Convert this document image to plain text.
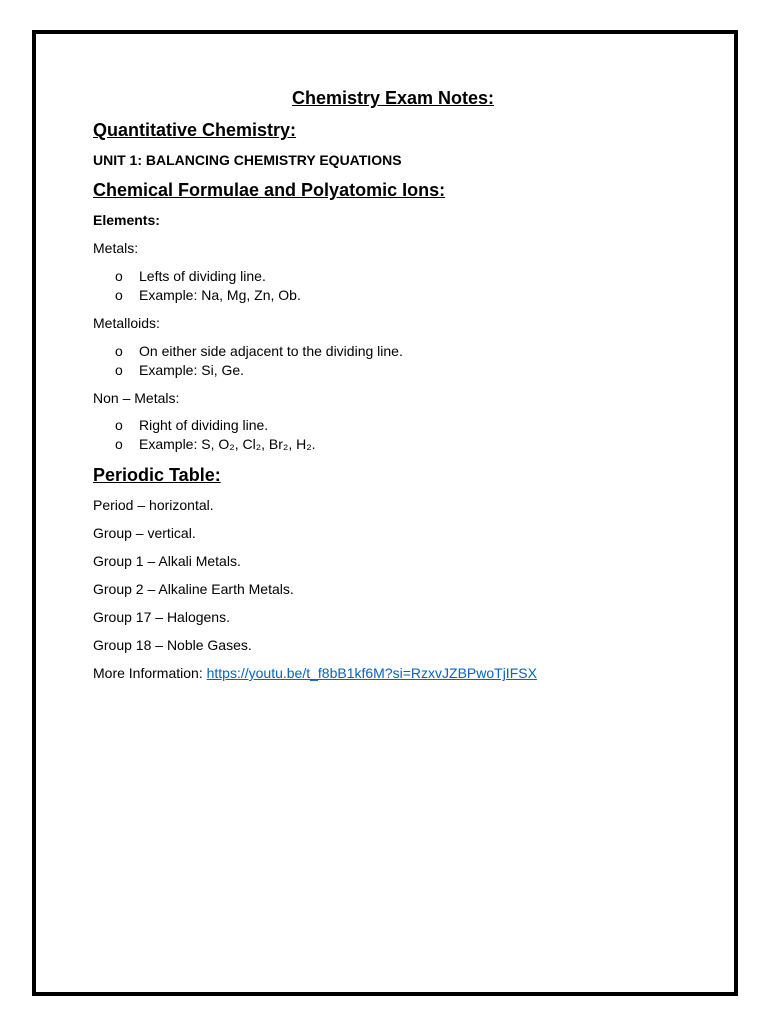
Chemistry Exam Notes:
Quantitative Chemistry:
UNIT 1: BALANCING CHEMISTRY EQUATIONS
Chemical Formulae and Polyatomic Ions:
Elements:
Metals:
o Lefts of dividing line.
o Example: Na, Mg, Zn, Ob.
Metalloids:
o On either side adjacent to the dividing line.
o Example: Si, Ge.
Non – Metals:
o Right of dividing line.
o Example: S, O₂, Cl₂, Br₂, H₂.
Periodic Table:
Period – horizontal.
Group – vertical.
Group 1 – Alkali Metals.
Group 2 – Alkaline Earth Metals.
Group 17 – Halogens.
Group 18 – Noble Gases.
More Information: https://youtu.be/t_f8bB1kf6M?si=RzxvJZBPwoTjIFSX
